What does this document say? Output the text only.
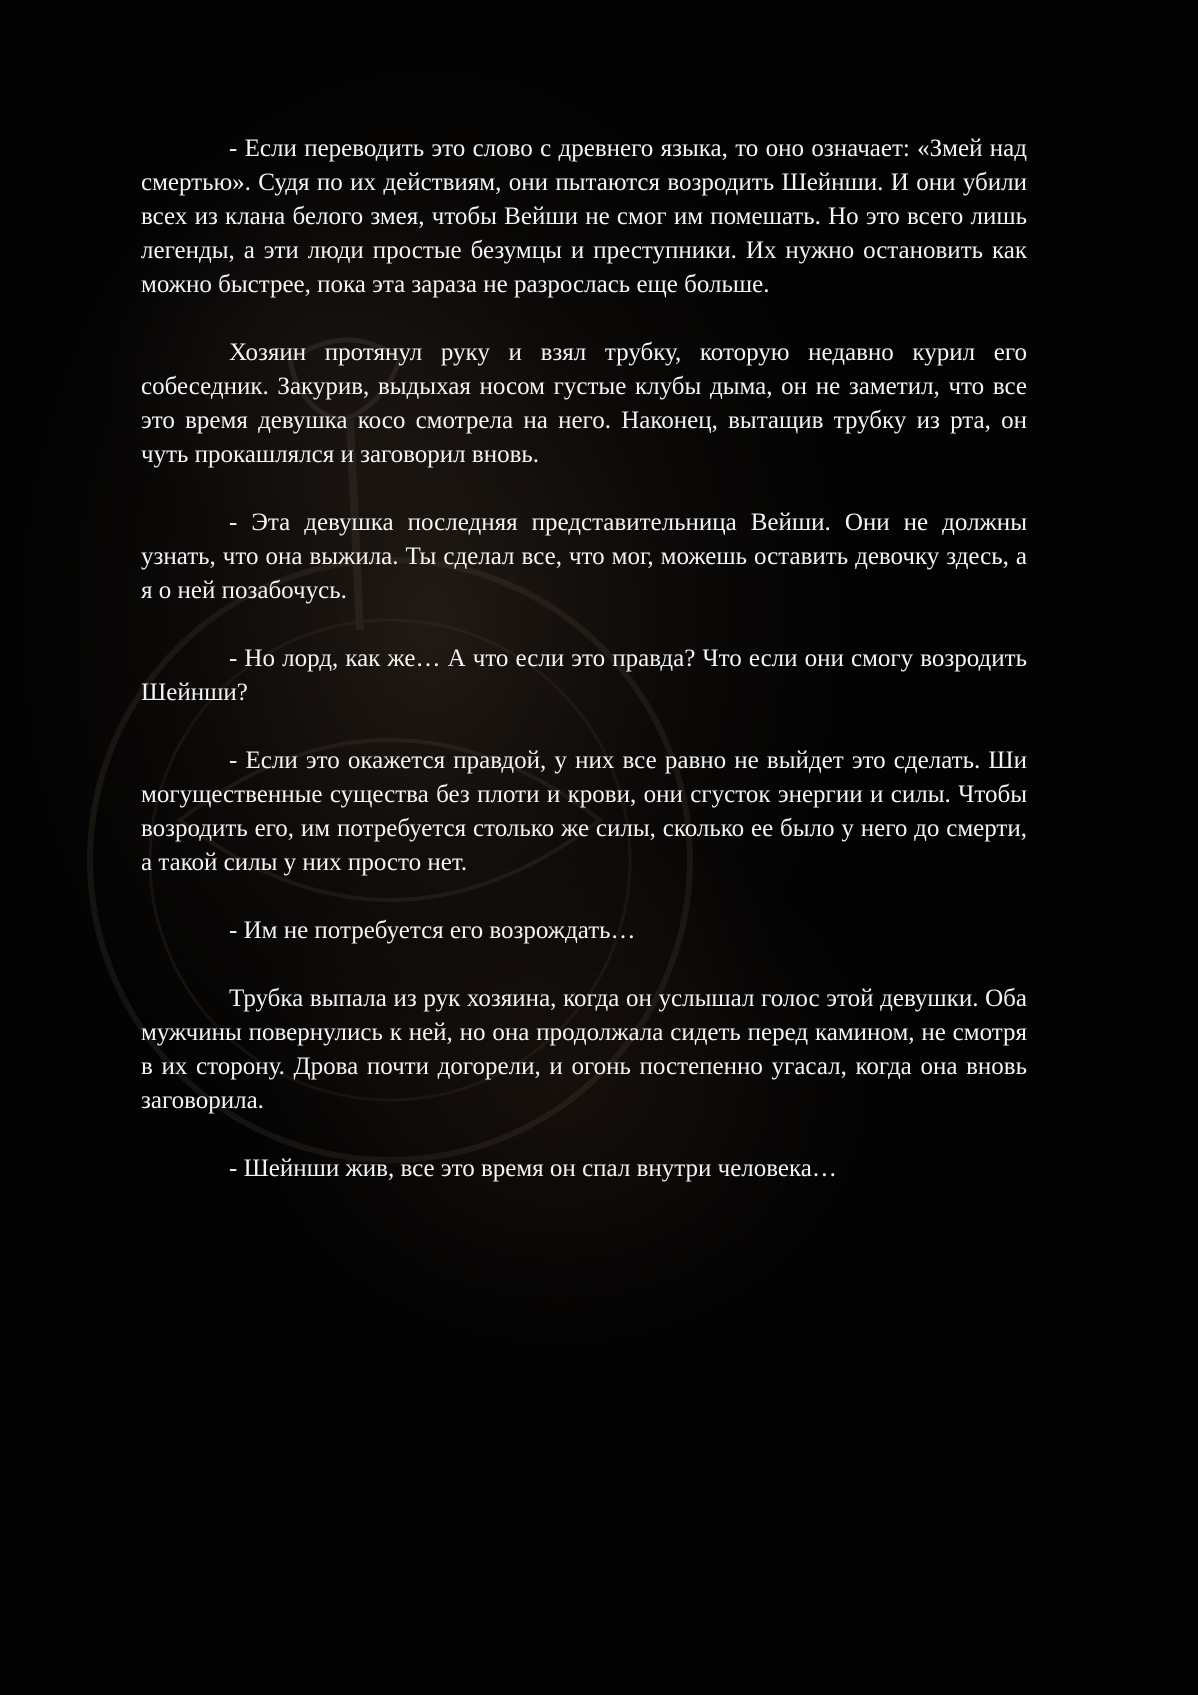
- Если переводить это слово с древнего языка, то оно означает: «Змей над смертью». Судя по их действиям, они пытаются возродить Шейнши. И они убили всех из клана белого змея, чтобы Вейши не смог им помешать. Но это всего лишь легенды, а эти люди простые безумцы и преступники. Их нужно остановить как можно быстрее, пока эта зараза не разрослась еще больше.

Хозяин протянул руку и взял трубку, которую недавно курил его собеседник. Закурив, выдыхая носом густые клубы дыма, он не заметил, что все это время девушка косо смотрела на него. Наконец, вытащив трубку из рта, он чуть прокашлялся и заговорил вновь.

- Эта девушка последняя представительница Вейши. Они не должны узнать, что она выжила. Ты сделал все, что мог, можешь оставить девочку здесь, а я о ней позабочусь.

- Но лорд, как же… А что если это правда? Что если они смогу возродить Шейнши?

- Если это окажется правдой, у них все равно не выйдет это сделать. Ши могущественные существа без плоти и крови, они сгусток энергии и силы. Чтобы возродить его, им потребуется столько же силы, сколько ее было у него до смерти, а такой силы у них просто нет.

- Им не потребуется его возрождать…

Трубка выпала из рук хозяина, когда он услышал голос этой девушки. Оба мужчины повернулись к ней, но она продолжала сидеть перед камином, не смотря в их сторону. Дрова почти догорели, и огонь постепенно угасал, когда она вновь заговорила.

- Шейнши жив, все это время он спал внутри человека…
